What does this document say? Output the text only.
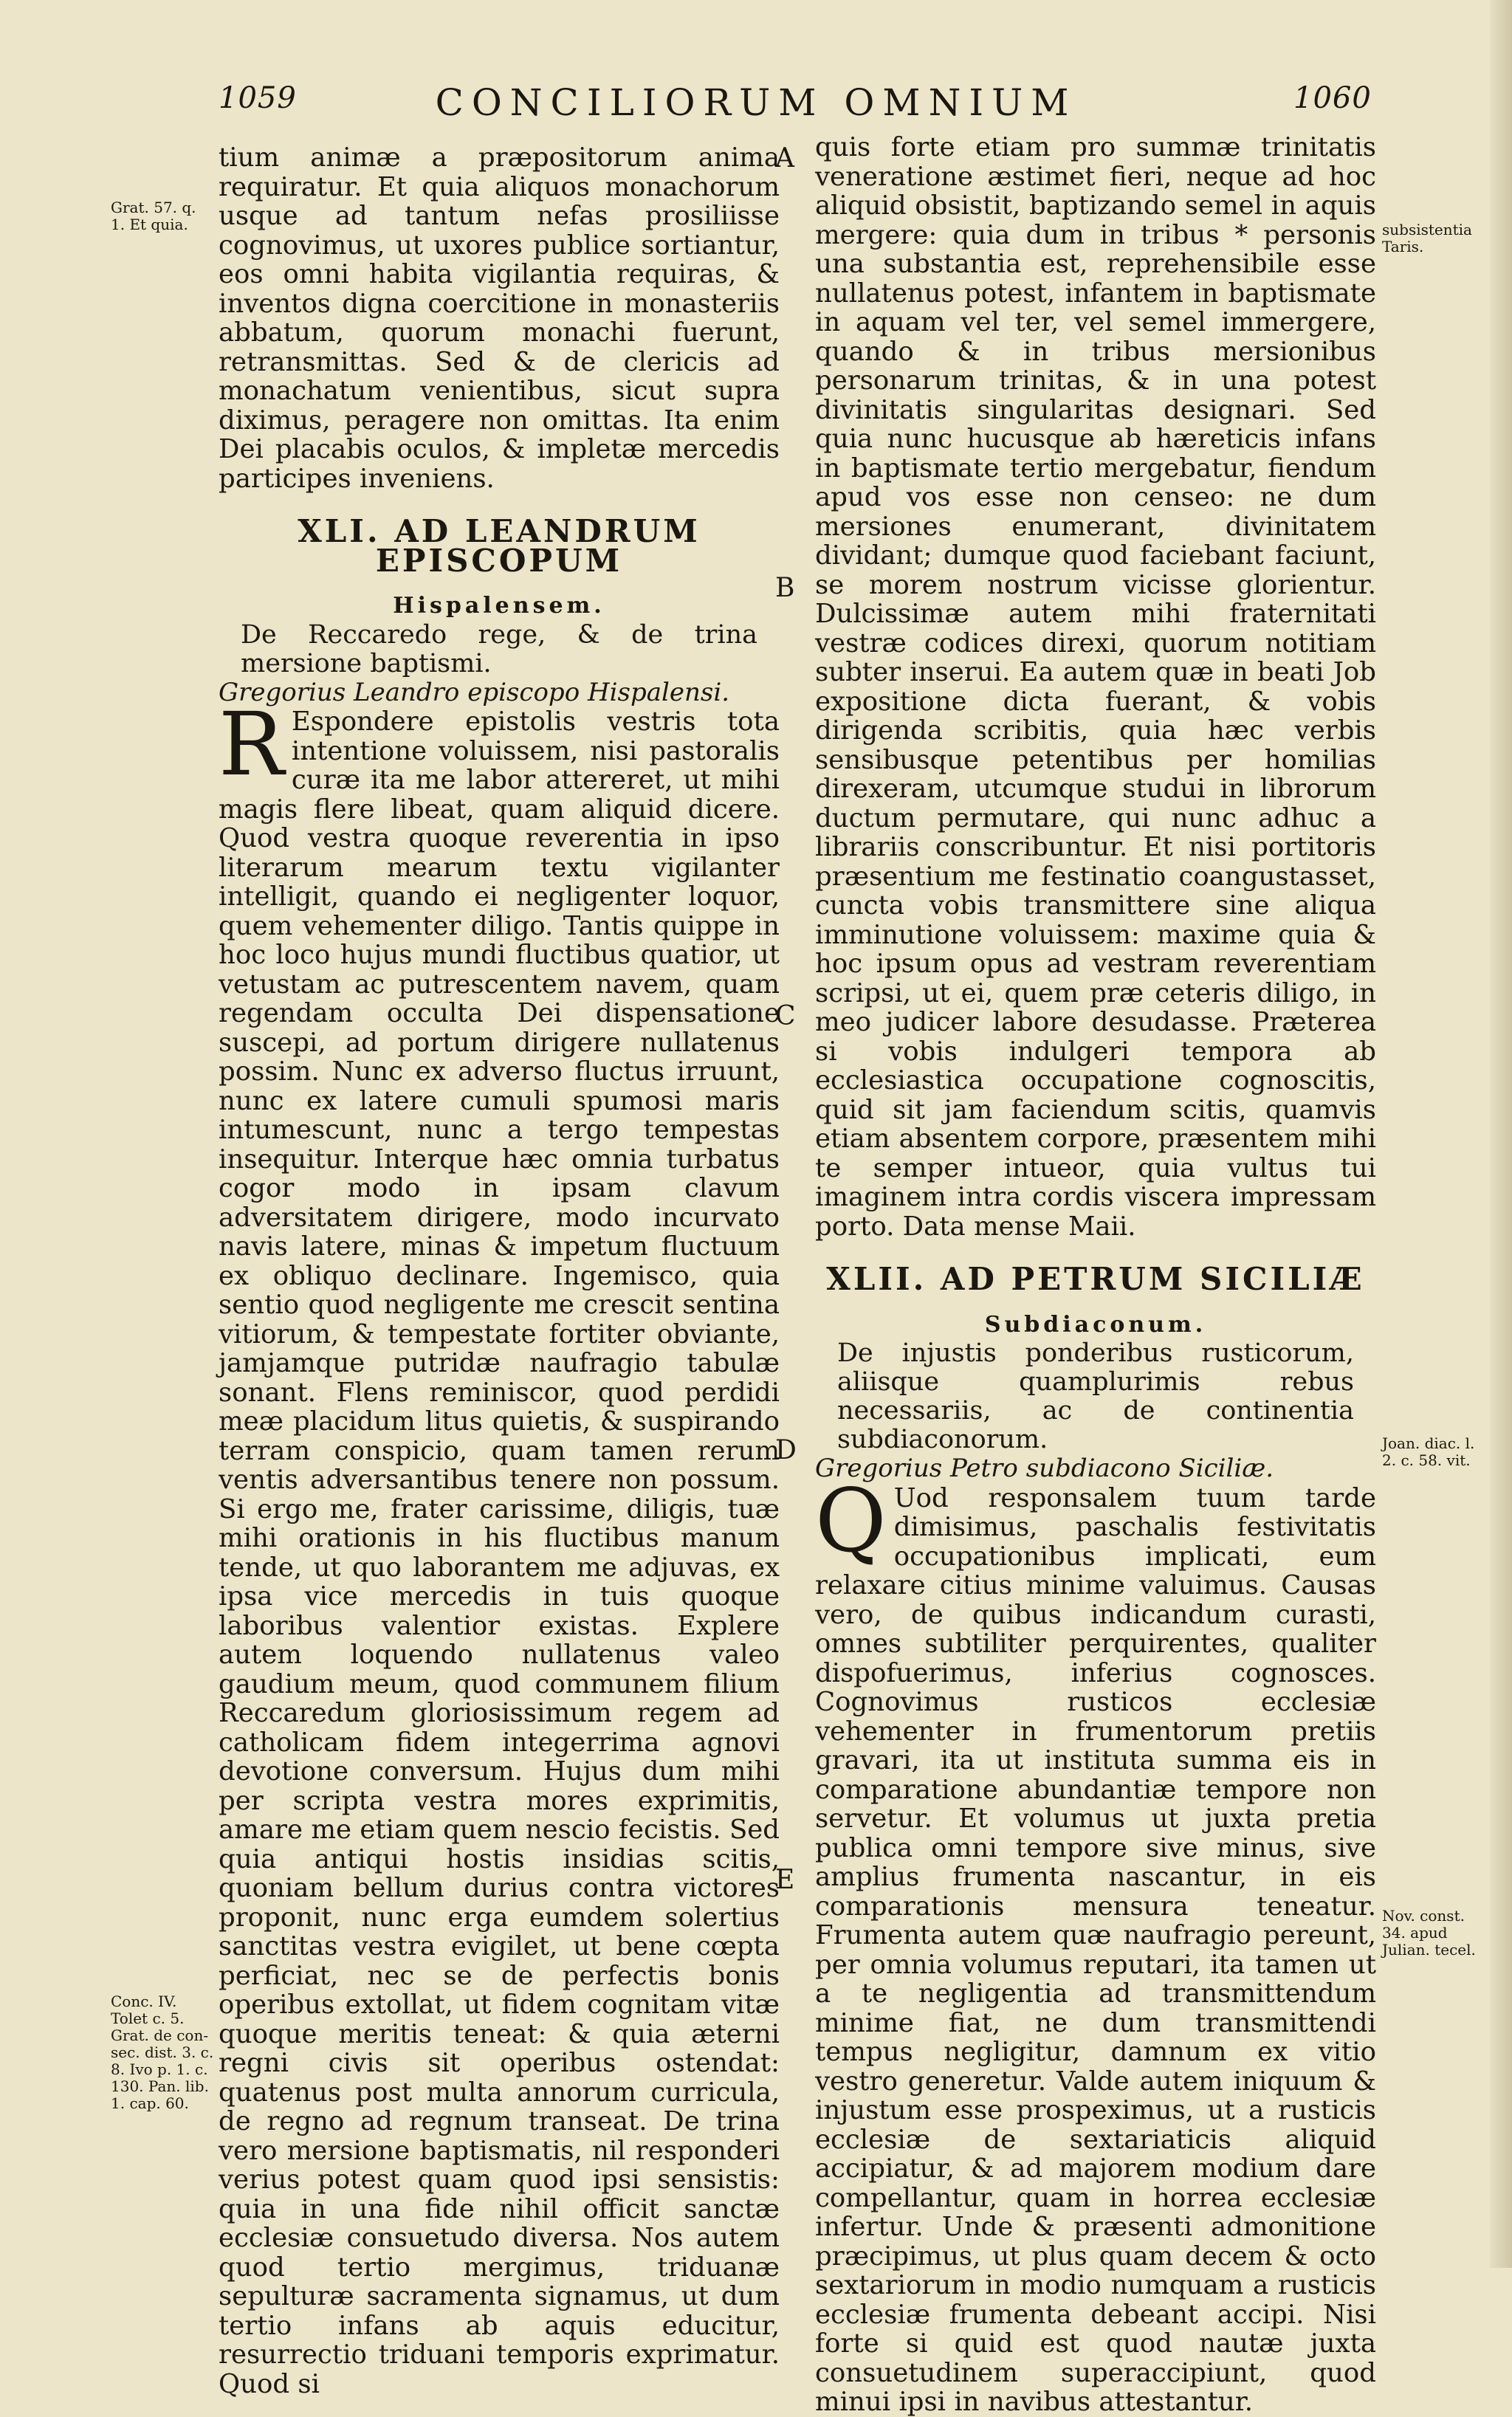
1059	CONCILIORUM OMNIUM	1060
A
B
C
D
E
Grat. 57. q. 1. Et quia.
Conc. IV. Tolet c. 5. Grat. de con- sec. dist. 3. c. 8. Ivo p. 1. c. 130. Pan. lib. 1. cap. 60.
subsistentia Taris.
Joan. diac. l. 2. c. 58. vit.
Nov. const. 34. apud Julian. tecel.

tium animæ a præpositorum anima requiratur. Et quia aliquos monachorum usque ad tantum nefas prosiliisse cognovimus, ut uxores publice sortiantur, eos omni habita vigilantia requiras, & inventos digna coercitione in monasteriis abbatum, quorum monachi fuerunt, retransmittas. Sed & de clericis ad monachatum venientibus, sicut supra diximus, peragere non omittas. Ita enim Dei placabis oculos, & impletæ mercedis participes inveniens.

XLI. AD LEANDRUM EPISCOPUM
Hispalensem.

De Reccaredo rege, & de trina mersione baptismi.

Gregorius Leandro episcopo Hispalensi.

R Espondere epistolis vestris tota intentione voluissem, nisi pastoralis curæ ita me labor attereret, ut mihi magis flere libeat, quam aliquid dicere. Quod vestra quoque reverentia in ipso literarum mearum textu vigilanter intelligit, quando ei negligenter loquor, quem vehementer diligo. Tantis quippe in hoc loco hujus mundi fluctibus quatior, ut vetustam ac putrescentem navem, quam regendam occulta Dei dispensatione suscepi, ad portum dirigere nullatenus possim. Nunc ex adverso fluctus irruunt, nunc ex latere cumuli spumosi maris intumescunt, nunc a tergo tempestas insequitur. Interque hæc omnia turbatus cogor modo in ipsam clavum adversitatem dirigere, modo incurvato navis latere, minas & impetum fluctuum ex obliquo declinare. Ingemisco, quia sentio quod negligente me crescit sentina vitiorum, & tempestate fortiter obviante, jamjamque putridæ naufragio tabulæ sonant. Flens reminiscor, quod perdidi meæ placidum litus quietis, & suspirando terram conspicio, quam tamen rerum ventis adversantibus tenere non possum. Si ergo me, frater carissime, diligis, tuæ mihi orationis in his fluctibus manum tende, ut quo laborantem me adjuvas, ex ipsa vice mercedis in tuis quoque laboribus valentior existas. Explere autem loquendo nullatenus valeo gaudium meum, quod communem filium Reccaredum gloriosissimum regem ad catholicam fidem integerrima agnovi devotione conversum. Hujus dum mihi per scripta vestra mores exprimitis, amare me etiam quem nescio fecistis. Sed quia antiqui hostis insidias scitis, quoniam bellum durius contra victores proponit, nunc erga eumdem solertius sanctitas vestra evigilet, ut bene cœpta perficiat, nec se de perfectis bonis operibus extollat, ut fidem cognitam vitæ quoque meritis teneat: & quia æterni regni civis sit operibus ostendat: quatenus post multa annorum curricula, de regno ad regnum transeat. De trina vero mersione baptismatis, nil responderi verius potest quam quod ipsi sensistis: quia in una fide nihil officit sanctæ ecclesiæ consuetudo diversa. Nos autem quod tertio mergimus, triduanæ sepulturæ sacramenta signamus, ut dum tertio infans ab aquis educitur, resurrectio triduani temporis exprimatur. Quod si

quis forte etiam pro summæ trinitatis veneratione æstimet fieri, neque ad hoc aliquid obsistit, baptizando semel in aquis mergere: quia dum in tribus * personis una substantia est, reprehensibile esse nullatenus potest, infantem in baptismate in aquam vel ter, vel semel immergere, quando & in tribus mersionibus personarum trinitas, & in una potest divinitatis singularitas designari. Sed quia nunc hucusque ab hæreticis infans in baptismate tertio mergebatur, fiendum apud vos esse non censeo: ne dum mersiones enumerant, divinitatem dividant; dumque quod faciebant faciunt, se morem nostrum vicisse glorientur. Dulcissimæ autem mihi fraternitati vestræ codices direxi, quorum notitiam subter inserui. Ea autem quæ in beati Job expositione dicta fuerant, & vobis dirigenda scribitis, quia hæc verbis sensibusque petentibus per homilias direxeram, utcumque studui in librorum ductum permutare, qui nunc adhuc a librariis conscribuntur. Et nisi portitoris præsentium me festinatio coangustasset, cuncta vobis transmittere sine aliqua imminutione voluissem: maxime quia & hoc ipsum opus ad vestram reverentiam scripsi, ut ei, quem præ ceteris diligo, in meo judicer labore desudasse. Præterea si vobis indulgeri tempora ab ecclesiastica occupatione cognoscitis, quid sit jam faciendum scitis, quamvis etiam absentem corpore, præsentem mihi te semper intueor, quia vultus tui imaginem intra cordis viscera impressam porto. Data mense Maii.

XLII. AD PETRUM SICILIÆ
Subdiaconum.

De injustis ponderibus rusticorum, aliisque quamplurimis rebus necessariis, ac de continentia subdiaconorum.

Gregorius Petro subdiacono Siciliæ.

Q Uod responsalem tuum tarde dimisimus, paschalis festivitatis occupationibus implicati, eum relaxare citius minime valuimus. Causas vero, de quibus indicandum curasti, omnes subtiliter perquirentes, qualiter dispofuerimus, inferius cognosces. Cognovimus rusticos ecclesiæ vehementer in frumentorum pretiis gravari, ita ut instituta summa eis in comparatione abundantiæ tempore non servetur. Et volumus ut juxta pretia publica omni tempore sive minus, sive amplius frumenta nascantur, in eis comparationis mensura teneatur. Frumenta autem quæ naufragio pereunt, per omnia volumus reputari, ita tamen ut a te negligentia ad transmittendum minime fiat, ne dum transmittendi tempus negligitur, damnum ex vitio vestro generetur. Valde autem iniquum & injustum esse prospeximus, ut a rusticis ecclesiæ de sextariaticis aliquid accipiatur, & ad majorem modium dare compellantur, quam in horrea ecclesiæ infertur. Unde & præsenti admonitione præcipimus, ut plus quam decem & octo sextariorum in modio numquam a rusticis ecclesiæ frumenta debeant accipi. Nisi forte si quid est quod nautæ juxta consuetudinem superaccipiunt, quod minui ipsi in navibus attestantur.
